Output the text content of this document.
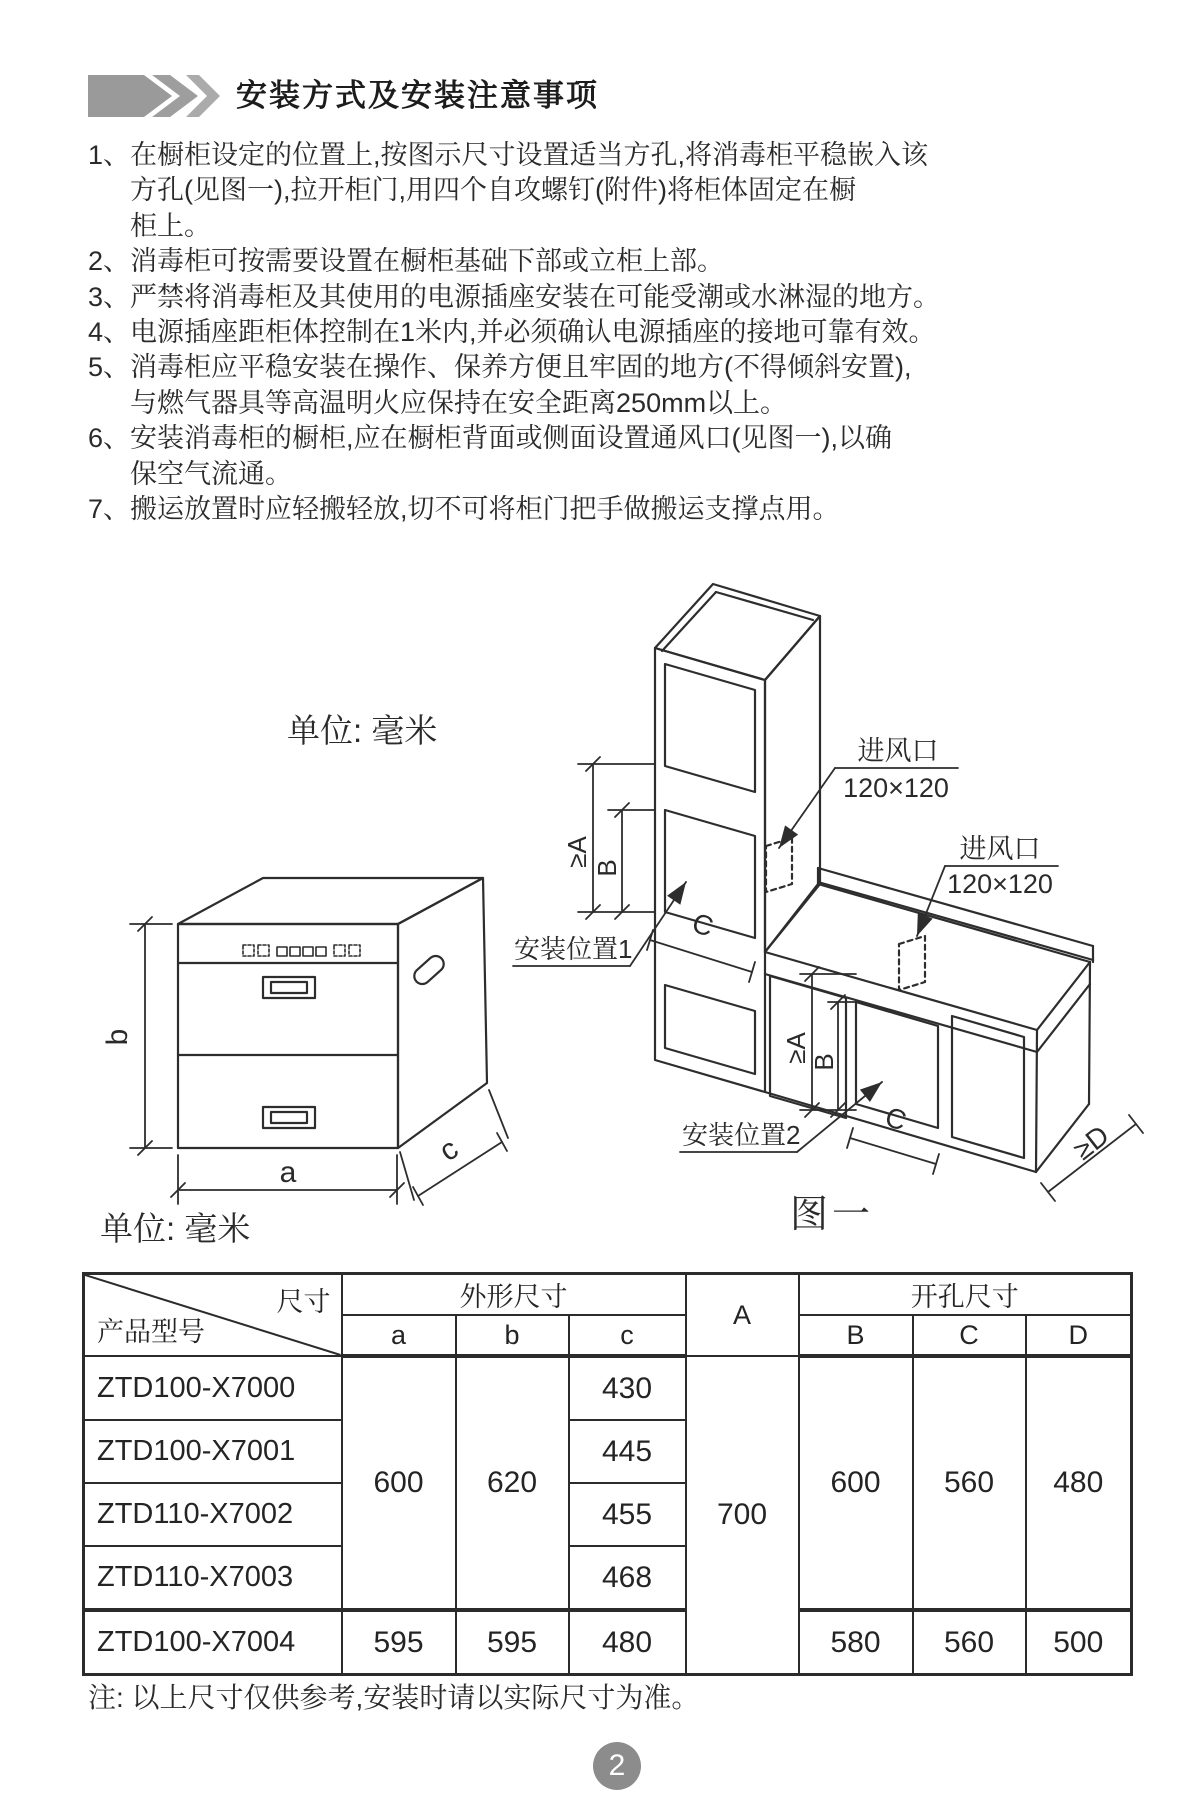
安装方式及安装注意事项
1、 在橱柜设定的位置上,按图示尺寸设置适当方孔,将消毒柜平稳嵌入该
方孔(见图一),拉开柜门,用四个自攻螺钉(附件)将柜体固定在橱
柜上。
2、 消毒柜可按需要设置在橱柜基础下部或立柜上部。
3、 严禁将消毒柜及其使用的电源插座安装在可能受潮或水淋湿的地方。
4、 电源插座距柜体控制在1米内,并必须确认电源插座的接地可靠有效。
5、 消毒柜应平稳安装在操作、保养方便且牢固的地方(不得倾斜安置),
与燃气器具等高温明火应保持在安全距离250mm以上。
6、 安装消毒柜的橱柜,应在橱柜背面或侧面设置通风口(见图一),以确
保空气流通。
7、 搬运放置时应轻搬轻放,切不可将柜门把手做搬运支撑点用。
单位: 毫米
单位: 毫米
b
a
c
≥A
B
C
≥A
B
C
≥D
安装位置1
安装位置2
进风口
120×120
进风口
120×120
图一
尺寸
产品型号	外形尺寸			A	开孔尺寸		
	a	b	c		B	C	D
ZTD100-X7000	600	620	430	700	600	560	480
ZTD100-X7001			445				
ZTD110-X7002			455				
ZTD110-X7003			468				
ZTD100-X7004	595	595	480		580	560	500
注: 以上尺寸仅供参考,安装时请以实际尺寸为准。
2
